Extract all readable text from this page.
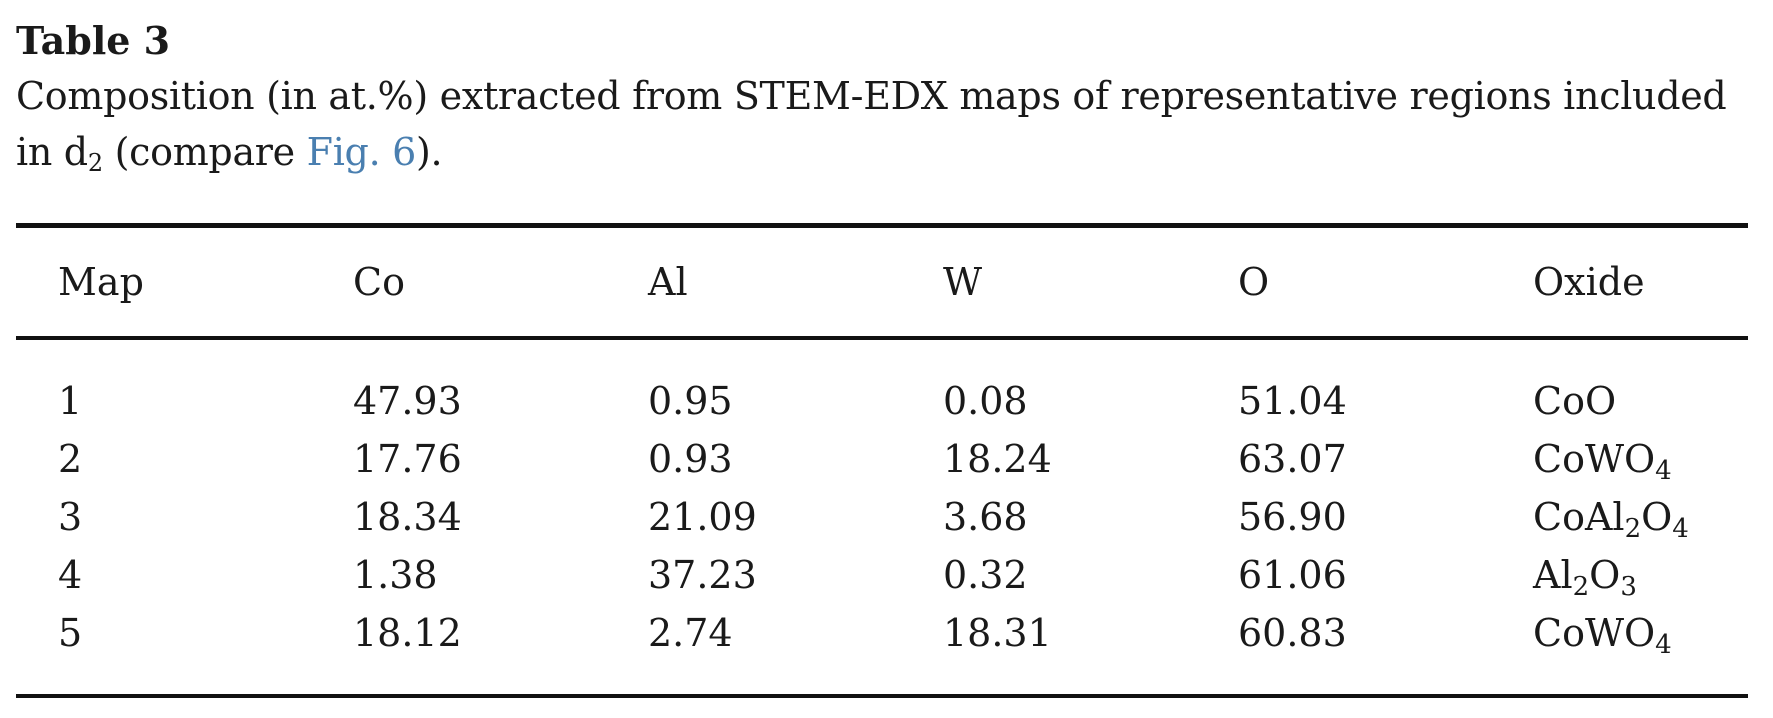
Table 3

Composition (in at.%) extracted from STEM-EDX maps of representative regions included in $d_2$ (compare Fig. 6).

Map	Co	Al	W	O	Oxide
1	47.93	0.95	0.08	51.04	CoO
2	17.76	0.93	18.24	63.07	CoWO$_4$
3	18.34	21.09	3.68	56.90	$CoAl_2O_4$
4	1.38	37.23	0.32	61.06	$Al_2O_3$
5	18.12	2.74	18.31	60.83	CoWO$_4$
